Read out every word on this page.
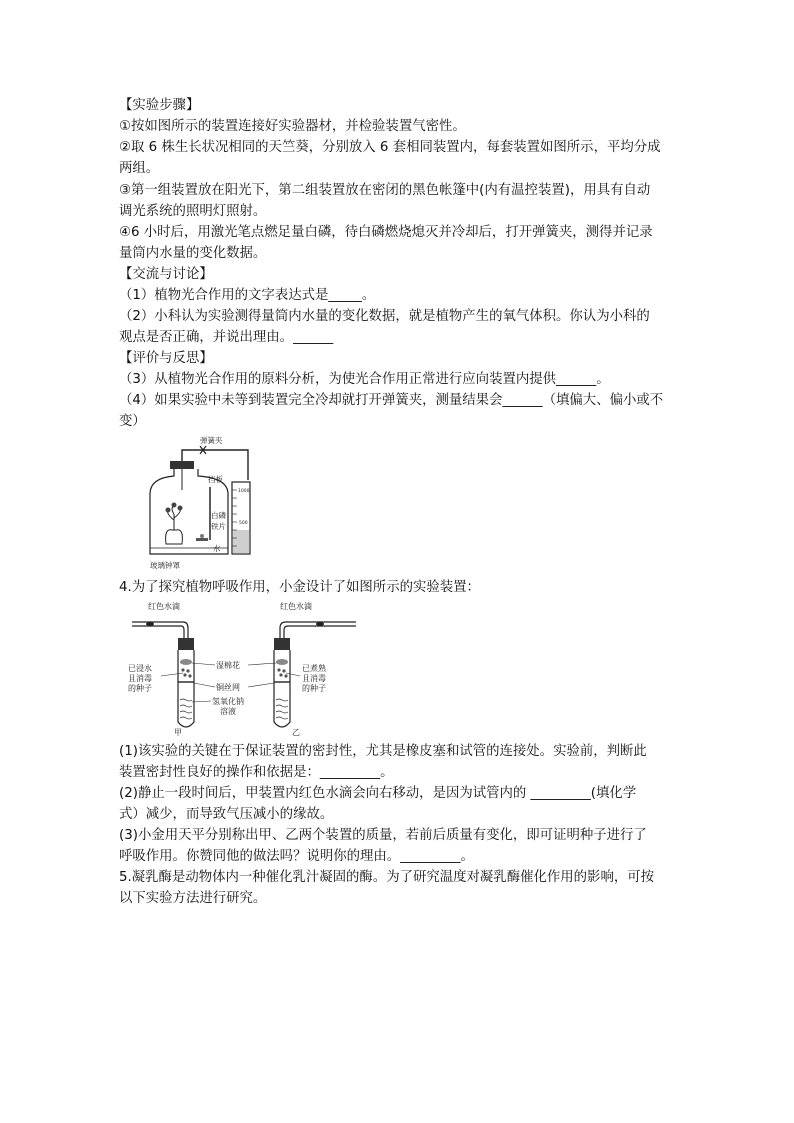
【实验步骤】
①按如图所示的装置连接好实验器材，并检验装置气密性。
②取 6 株生长状况相同的天竺葵，分别放入 6 套相同装置内，每套装置如图所示，平均分成
两组。
③第一组装置放在阳光下，第二组装置放在密闭的黑色帐篷中(内有温控装置)，用具有自动
调光系统的照明灯照射。
④6 小时后，用激光笔点燃足量白磷，待白磷燃烧熄灭并冷却后，打开弹簧夹，测得并记录
量筒内水量的变化数据。
【交流与讨论】
（1）植物光合作用的文字表达式是_____。
（2）小科认为实验测得量筒内水量的变化数据，就是植物产生的氧气体积。你认为小科的
观点是否正确，并说出理由。______
【评价与反思】
（3）从植物光合作用的原料分析，为使光合作用正常进行应向装置内提供______。
（4）如果实验中未等到装置完全冷却就打开弹簧夹，测量结果会______（填偏大、偏小或不
变）
弹簧夹
挡板
白磷
铁片
水
1000
500
玻璃钟罩
4.为了探究植物呼吸作用，小金设计了如图所示的实验装置：
红色水滴	红色水滴
已浸水
且消毒
的种子
已煮熟
且消毒
的种子
湿棉花
铜丝网
氢氧化钠
溶液
甲	乙
(1)该实验的关键在于保证装置的密封性，尤其是橡皮塞和试管的连接处。实验前，判断此
装置密封性良好的操作和依据是：_________。
(2)静止一段时间后，甲装置内红色水滴会向右移动，是因为试管内的 _________(填化学
式）减少，而导致气压减小的缘故。
(3)小金用天平分别称出甲、乙两个装置的质量，若前后质量有变化，即可证明种子进行了
呼吸作用。你赞同他的做法吗？说明你的理由。_________。
5.凝乳酶是动物体内一种催化乳汁凝固的酶。为了研究温度对凝乳酶催化作用的影响，可按
以下实验方法进行研究。
